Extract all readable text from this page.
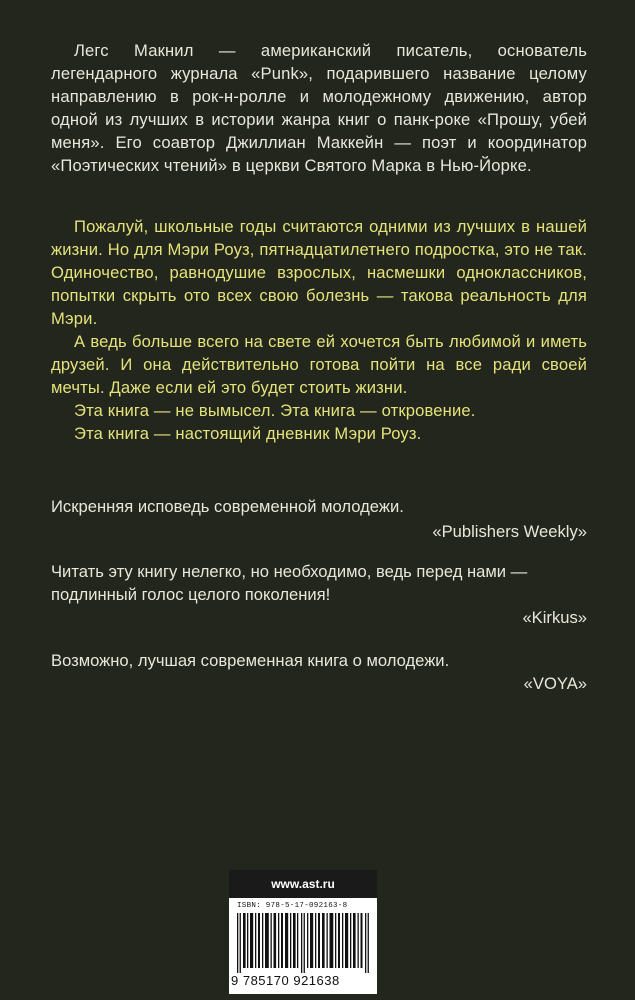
Легс Макнил — американский писатель, основатель легендарного журнала «Punk», подарившего название целому направлению в рок-н-ролле и молодежному движению, автор одной из лучших в истории жанра книг о панк-роке «Прошу, убей меня». Его соавтор Джиллиан Маккейн — поэт и координатор «Поэтических чтений» в церкви Святого Марка в Нью-Йорке.

Пожалуй, школьные годы считаются одними из лучших в нашей жизни. Но для Мэри Роуз, пятнадцатилетнего подростка, это не так. Одиночество, равнодушие взрослых, насмешки одноклассников, попытки скрыть ото всех свою болезнь — такова реальность для Мэри.

А ведь больше всего на свете ей хочется быть любимой и иметь друзей. И она действительно готова пойти на все ради своей мечты. Даже если ей это будет стоить жизни.

Эта книга — не вымысел. Эта книга — откровение.

Эта книга — настоящий дневник Мэри Роуз.

Искренняя исповедь современной молодежи.
«Publishers Weekly»
Читать эту книгу нелегко, но необходимо, ведь перед нами — подлинный голос целого поколения!
«Kirkus»
Возможно, лучшая современная книга о молодежи.
«VOYA»
www.ast.ru
ISBN: 978-5-17-092163-8
9 785170 921638
